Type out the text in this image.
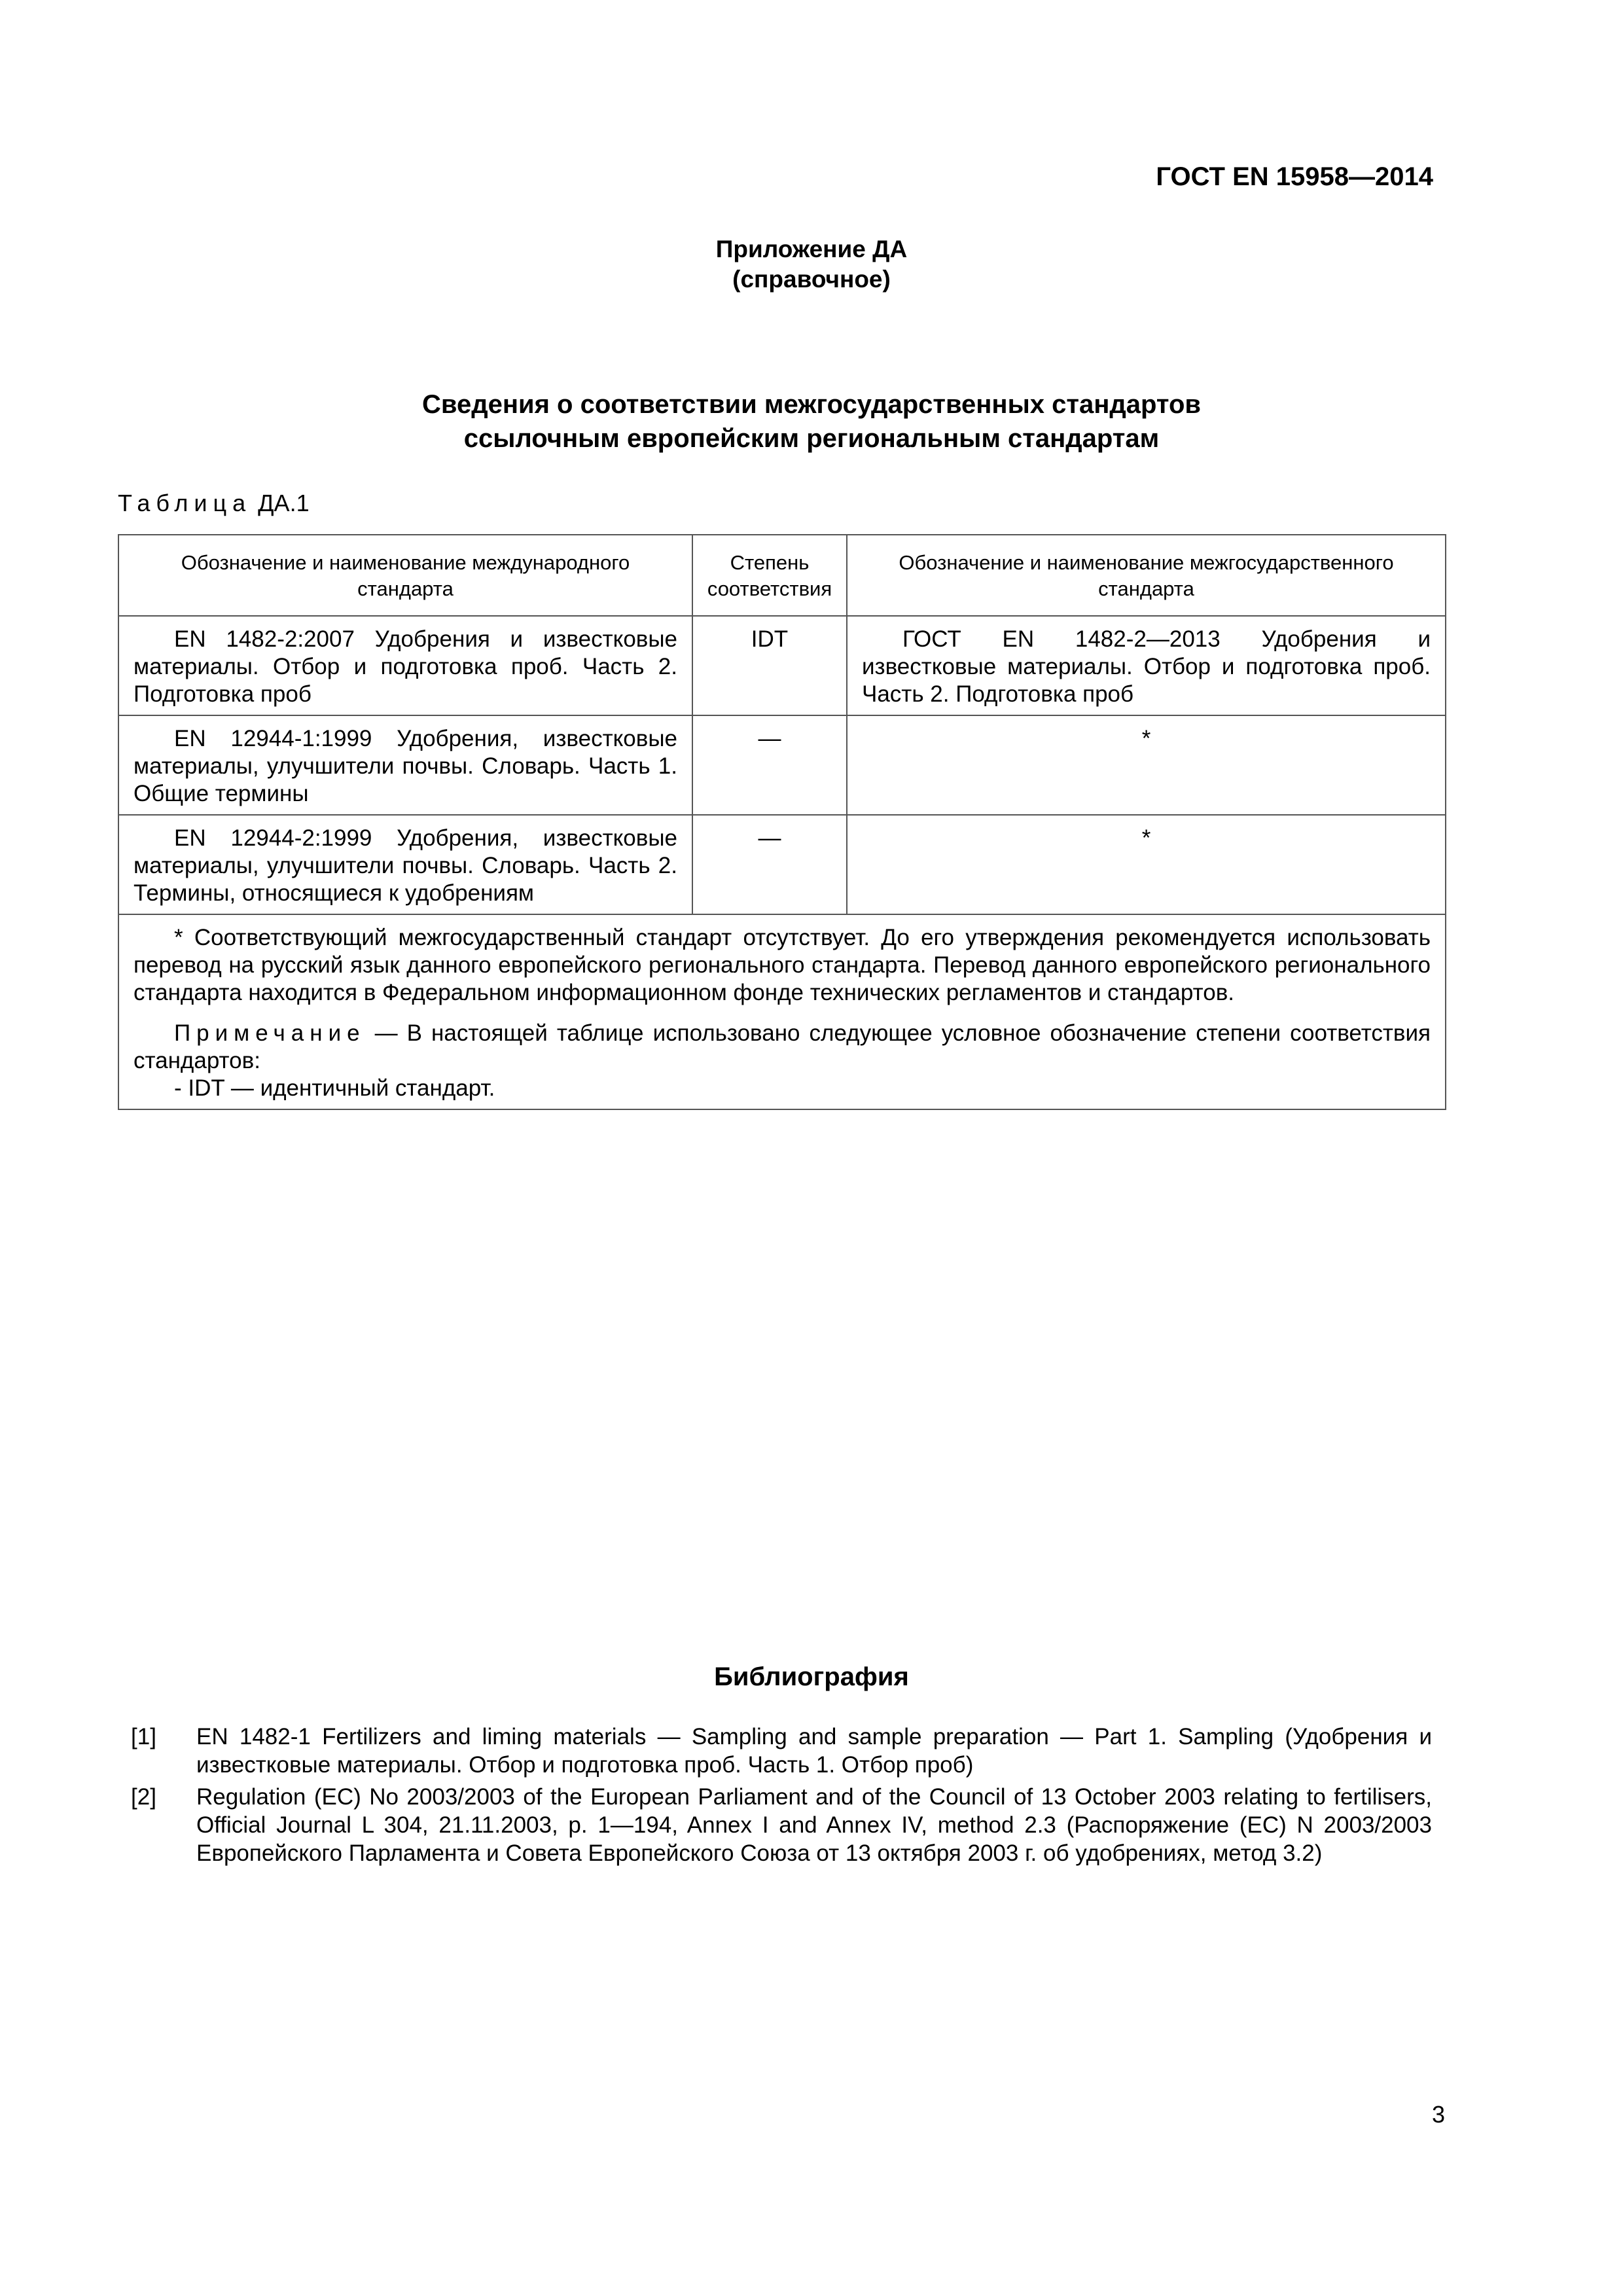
ГОСТ EN 15958—2014
Приложение ДА
(справочное)
Сведения о соответствии межгосударственных стандартов
ссылочным европейским региональным стандартам
Таблица ДА.1
Обозначение и наименование международного стандарта	Степень соответствия	Обозначение и наименование межгосударственного стандарта
EN 1482-2:2007 Удобрения и известковые материалы. Отбор и подготовка проб. Часть 2. Подготовка проб	IDT	ГОСТ EN 1482-2—2013 Удобрения и известковые материалы. Отбор и подготовка проб. Часть 2. Подготовка проб
EN 12944-1:1999 Удобрения, известковые материалы, улучшители почвы. Словарь. Часть 1. Общие термины	—	*
EN 12944-2:1999 Удобрения, известковые материалы, улучшители почвы. Словарь. Часть 2. Термины, относящиеся к удобрениям	—	*

* Соответствующий межгосударственный стандарт отсутствует. До его утверждения рекомендуется использовать перевод на русский язык данного европейского регионального стандарта. Перевод данного европейского регионального стандарта находится в Федеральном информационном фонде технических регламентов и стандартов.

Примечание — В настоящей таблице использовано следующее условное обозначение степени соответствия стандартов:

- IDT — идентичный стандарт.		

Библиография
[1]	EN 1482-1 Fertilizers and liming materials — Sampling and sample preparation — Part 1. Sampling (Удобрения и известковые материалы. Отбор и подготовка проб. Часть 1. Отбор проб)
[2]	Regulation (EC) No 2003/2003 of the European Parliament and of the Council of 13 October 2003 relating to fertilisers, Official Journal L 304, 21.11.2003, p. 1—194, Annex I and Annex IV, method 2.3 (Распоряжение (EC) N 2003/2003 Европейского Парламента и Совета Европейского Союза от 13 октября 2003 г. об удобрениях, метод 3.2)
3
